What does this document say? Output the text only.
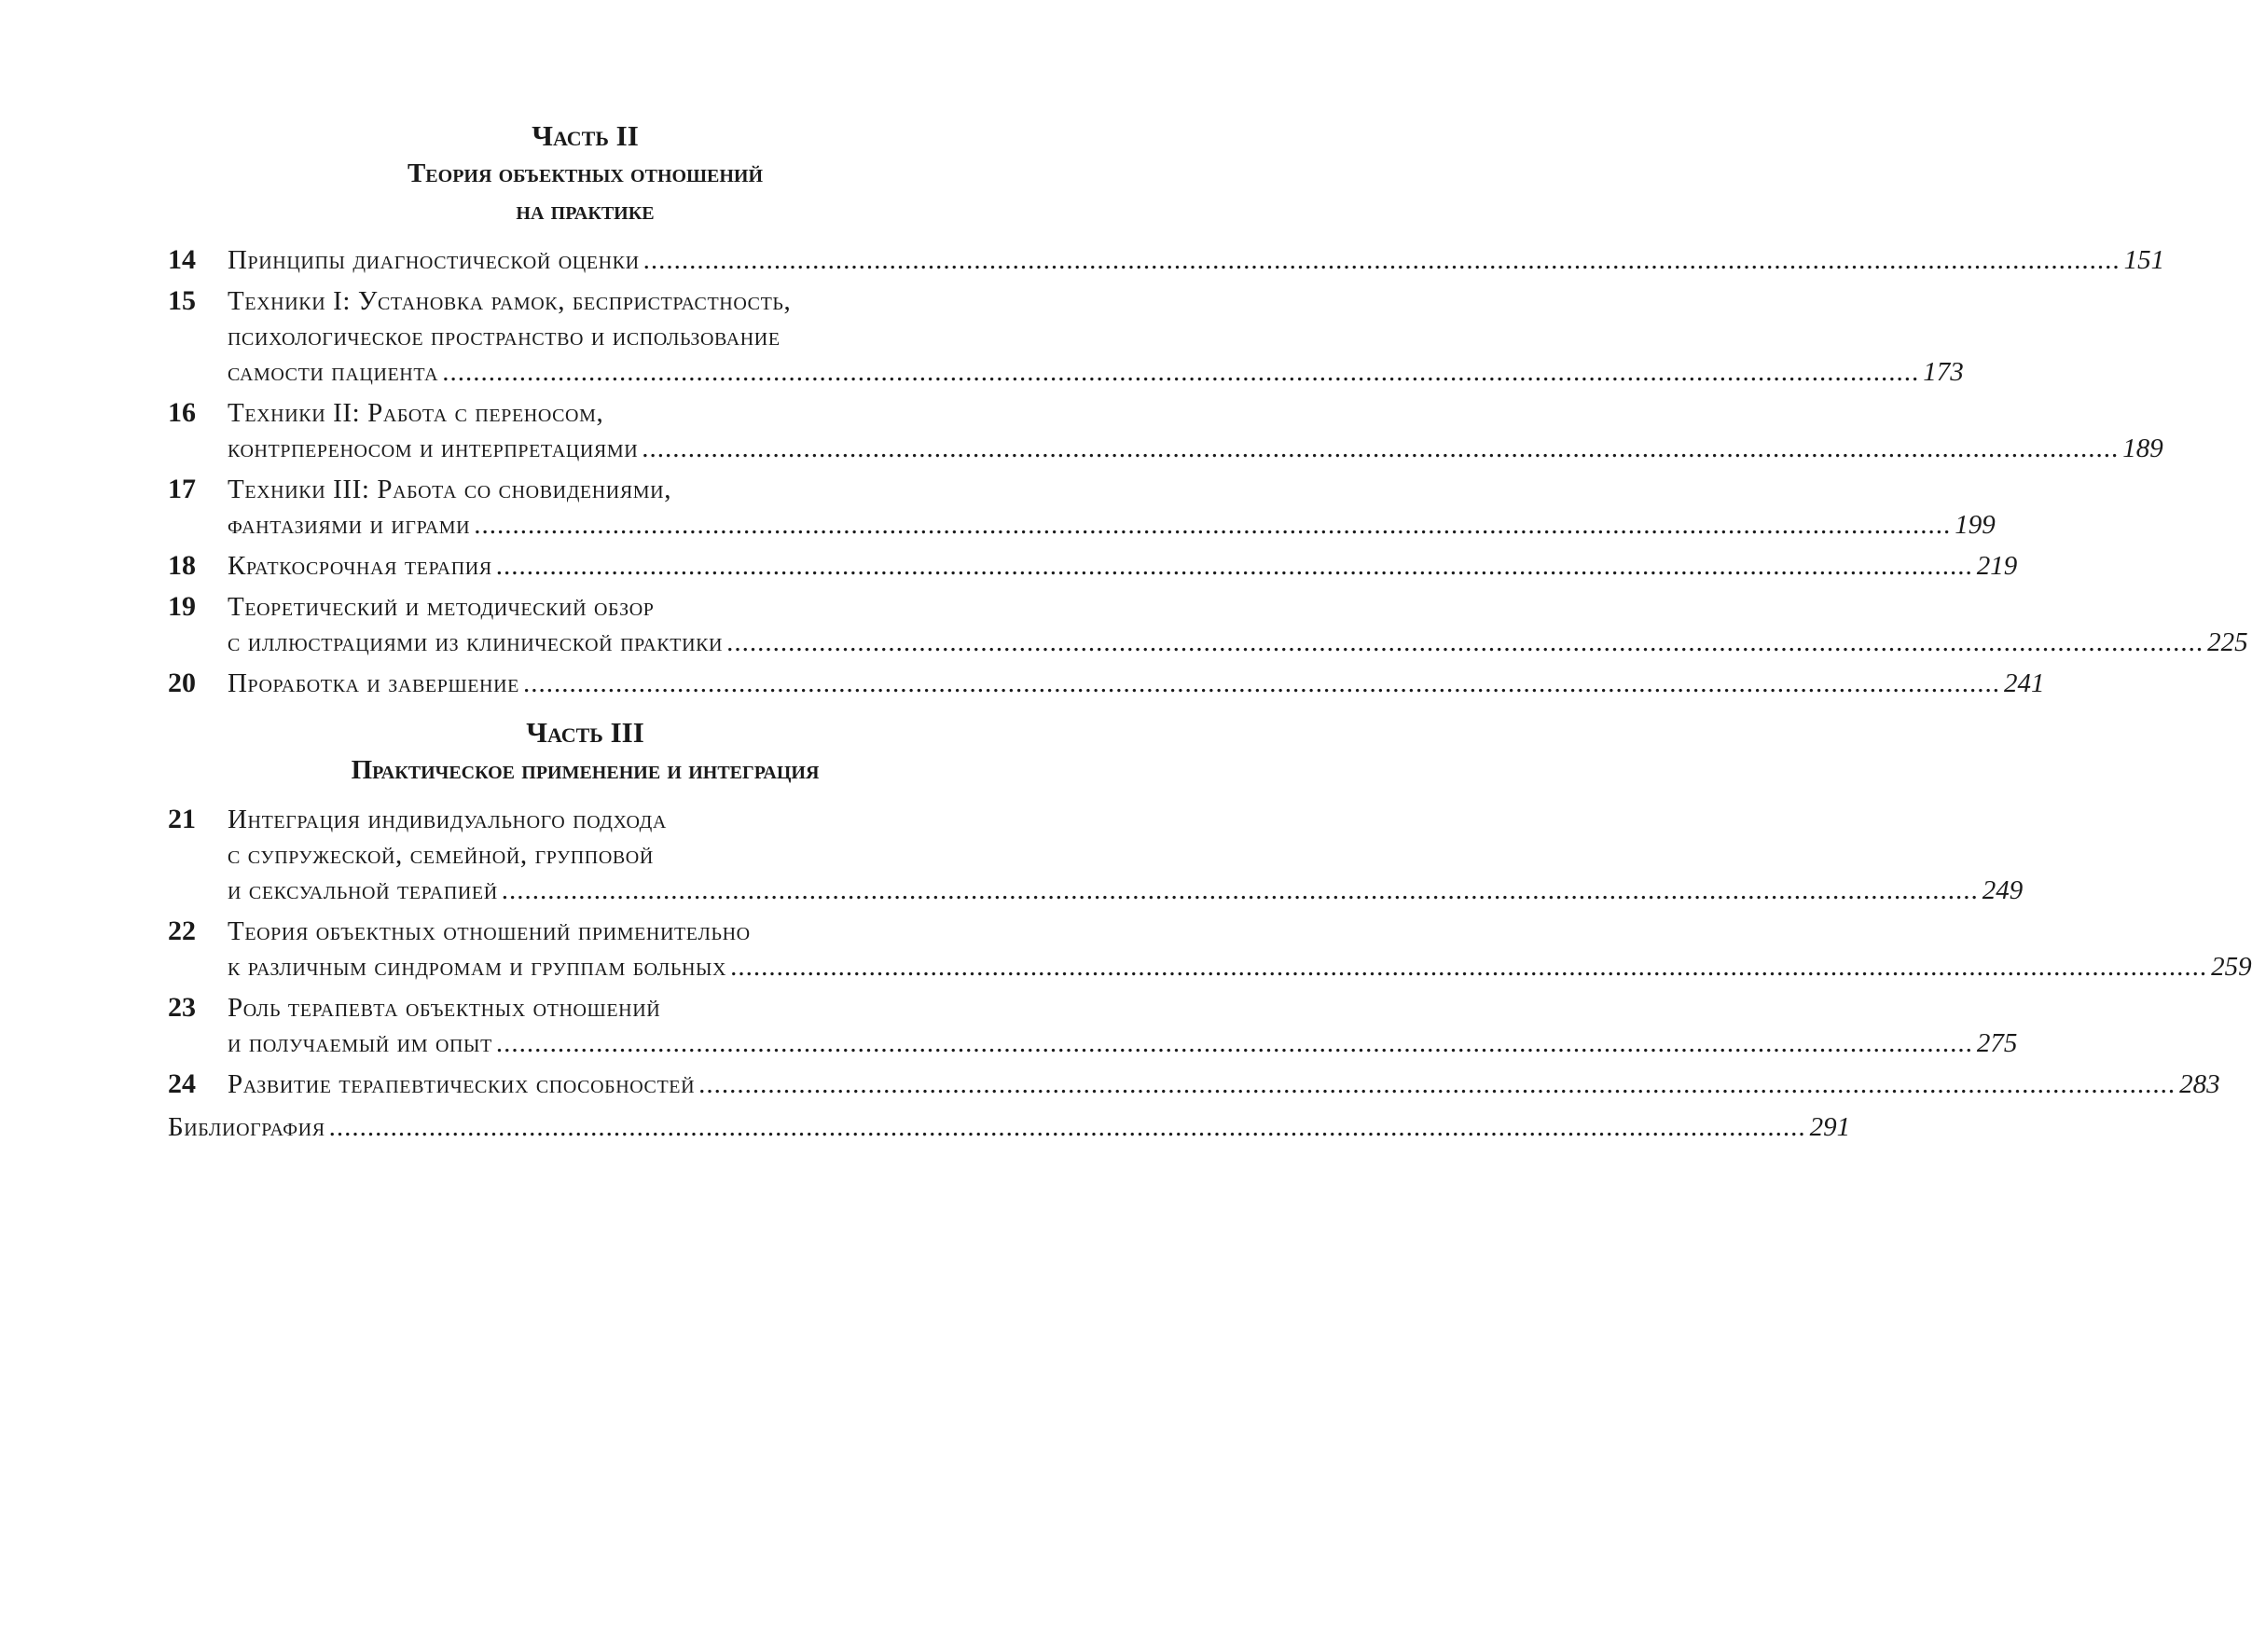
Часть II
Теория объектных отношений
на практике
14	Принципы диагностической оценки .....	151
15	Техники I: Установка рамок, беспристрастность,
психологическое пространство и использование
самости пациента .....	173
16	Техники II: Работа с переносом,
контрпереносом и интерпретациями .....	189
17	Техники III: Работа со сновидениями,
фантазиями и играми .....	199
18	Краткосрочная терапия .....	219
19	Теоретический и методический обзор
с иллюстрациями из клинической практики .....	225
20	Проработка и завершение .....	241
Часть III
Практическое применение и интеграция
21	Интеграция индивидуального подхода
с супружеской, семейной, групповой
и сексуальной терапией .....	249
22	Теория объектных отношений применительно
к различным синдромам и группам больных .....	259
23	Роль терапевта объектных отношений
и получаемый им опыт .....	275
24	Развитие терапевтических способностей .....	283
Библиография .....	291
